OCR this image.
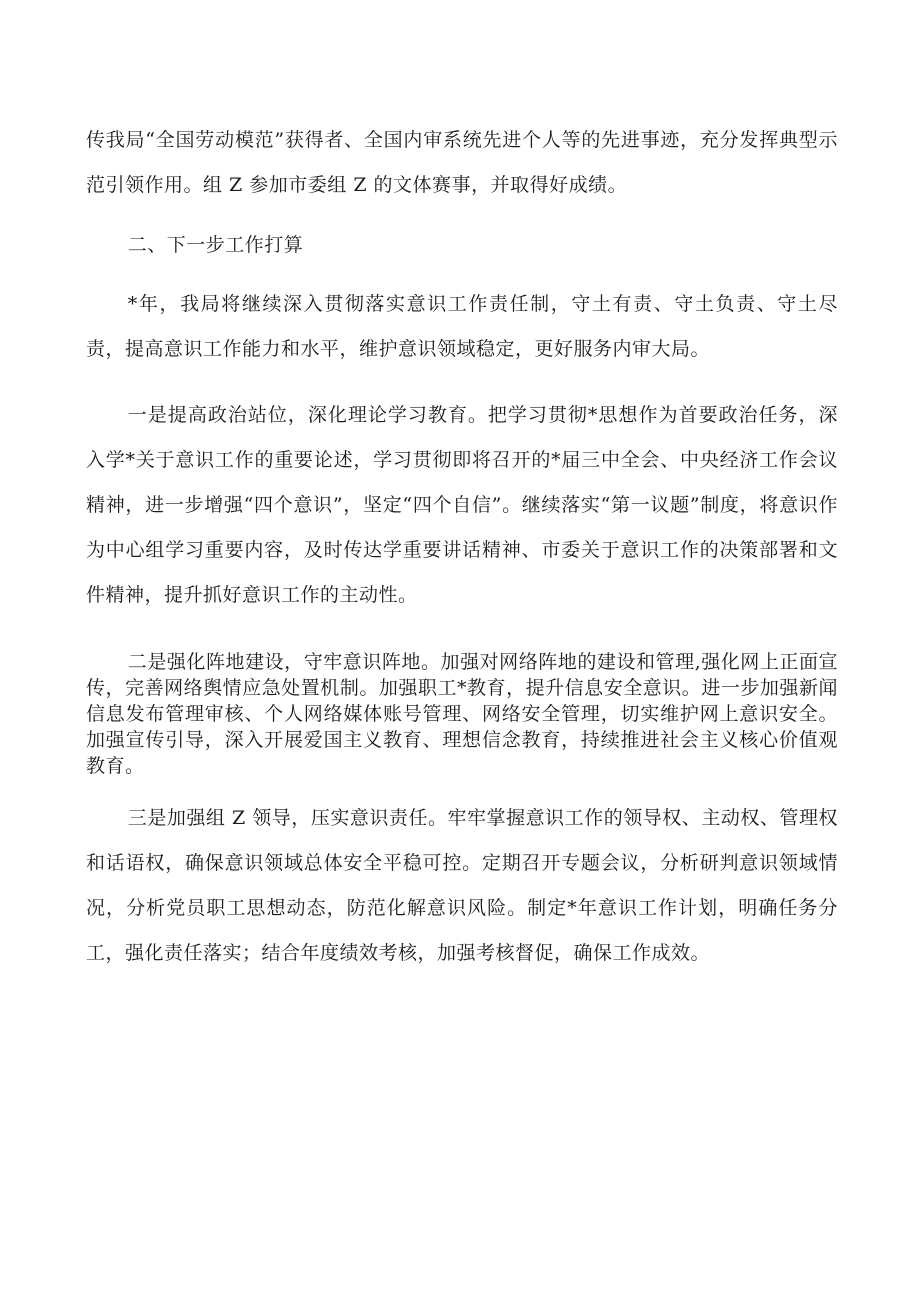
传我局“全国劳动模范”获得者、全国内审系统先进个人等的先进事迹，充分发挥典型示范引领作用。组 Z 参加市委组 Z 的文体赛事，并取得好成绩。

二、下一步工作打算

*年，我局将继续深入贯彻落实意识工作责任制，守土有责、守土负责、守土尽责，提高意识工作能力和水平，维护意识领域稳定，更好服务内审大局。

一是提高政治站位，深化理论学习教育。把学习贯彻*思想作为首要政治任务，深入学*关于意识工作的重要论述，学习贯彻即将召开的*届三中全会、中央经济工作会议精神，进一步增强“四个意识”，坚定“四个自信”。继续落实“第一议题”制度，将意识作为中心组学习重要内容，及时传达学重要讲话精神、市委关于意识工作的决策部署和文件精神，提升抓好意识工作的主动性。

二是强化阵地建设，守牢意识阵地。加强对网络阵地的建设和管理,强化网上正面宣传，完善网络舆情应急处置机制。加强职工*教育，提升信息安全意识。进一步加强新闻信息发布管理审核、个人网络媒体账号管理、网络安全管理，切实维护网上意识安全。加强宣传引导，深入开展爱国主义教育、理想信念教育，持续推进社会主义核心价值观教育。

三是加强组 Z 领导，压实意识责任。牢牢掌握意识工作的领导权、主动权、管理权和话语权，确保意识领域总体安全平稳可控。定期召开专题会议，分析研判意识领域情况，分析党员职工思想动态，防范化解意识风险。制定*年意识工作计划，明确任务分工，强化责任落实；结合年度绩效考核，加强考核督促，确保工作成效。
